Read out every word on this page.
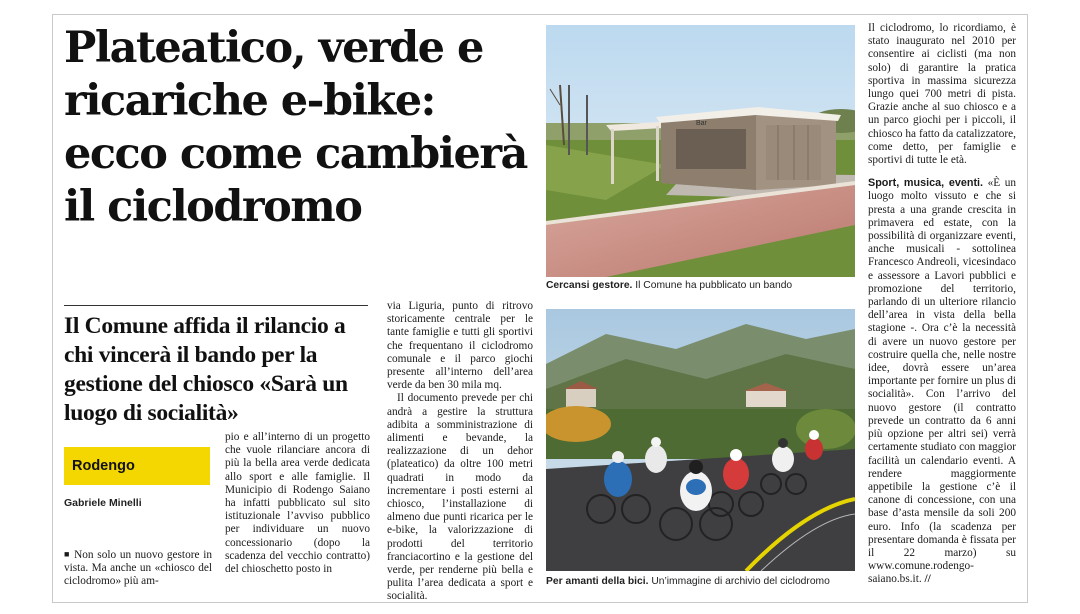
Plateatico, verde e ricariche e-bike: ecco come cambierà il ciclodromo
Il Comune affida il rilancio a chi vincerà il bando per la gestione del chiosco «Sarà un luogo di socialità»
Rodengo
Gabriele Minelli

■ Non solo un nuovo gestore in vista. Ma anche un «chiosco del ciclodromo» più am-

pio e all’interno di un progetto che vuole rilanciare ancora di più la bella area verde dedicata allo sport e alle famiglie. Il Municipio di Rodengo Saiano ha infatti pubblicato sul sito istituzionale l’avviso pubblico per individuare un nuovo concessionario (dopo la scadenza del vecchio contratto) del chioschetto posto in

via Liguria, punto di ritrovo storicamente centrale per le tante famiglie e tutti gli sportivi che frequentano il ciclodromo comunale e il parco giochi presente all’interno dell’area verde da ben 30 mila mq.

Il documento prevede per chi andrà a gestire la struttura adibita a somministrazione di alimenti e bevande, la realizzazione di un dehor (plateatico) da oltre 100 metri quadrati in modo da incrementare i posti esterni al chiosco, l’installazione di almeno due punti ricarica per le e-bike, la valorizzazione di prodotti del territorio franciacortino e la gestione del verde, per renderne più bella e pulita l’area dedicata a sport e socialità.

Il ciclodromo, lo ricordiamo, è stato inaugurato nel 2010 per consentire ai ciclisti (ma non solo) di garantire la pratica sportiva in massima sicurezza lungo quei 700 metri di pista. Grazie anche al suo chiosco e a un parco giochi per i piccoli, il chiosco ha fatto da catalizzatore, come detto, per famiglie e sportivi di tutte le età.

Sport, musica, eventi. «È un luogo molto vissuto e che si presta a una grande crescita in primavera ed estate, con la possibilità di organizzare eventi, anche musicali - sottolinea Francesco Andreoli, vicesindaco e assessore a Lavori pubblici e promozione del territorio, parlando di un ulteriore rilancio dell’area in vista della bella stagione -. Ora c’è la necessità di avere un nuovo gestore per costruire quella che, nelle nostre idee, dovrà essere un’area importante per fornire un plus di socialità». Con l’arrivo del nuovo gestore (il contratto prevede un contratto da 6 anni più opzione per altri sei) verrà certamente studiato con maggior facilità un calendario eventi. A rendere maggiormente appetibile la gestione c’è il canone di concessione, con una base d’asta mensile da soli 200 euro. Info (la scadenza per presentare domanda è fissata per il 22 marzo) su www.comune.rodengo-saiano.bs.it. //

Bar
Cercansi gestore. Il Comune ha pubblicato un bando
Per amanti della bici. Un’immagine di archivio del ciclodromo
